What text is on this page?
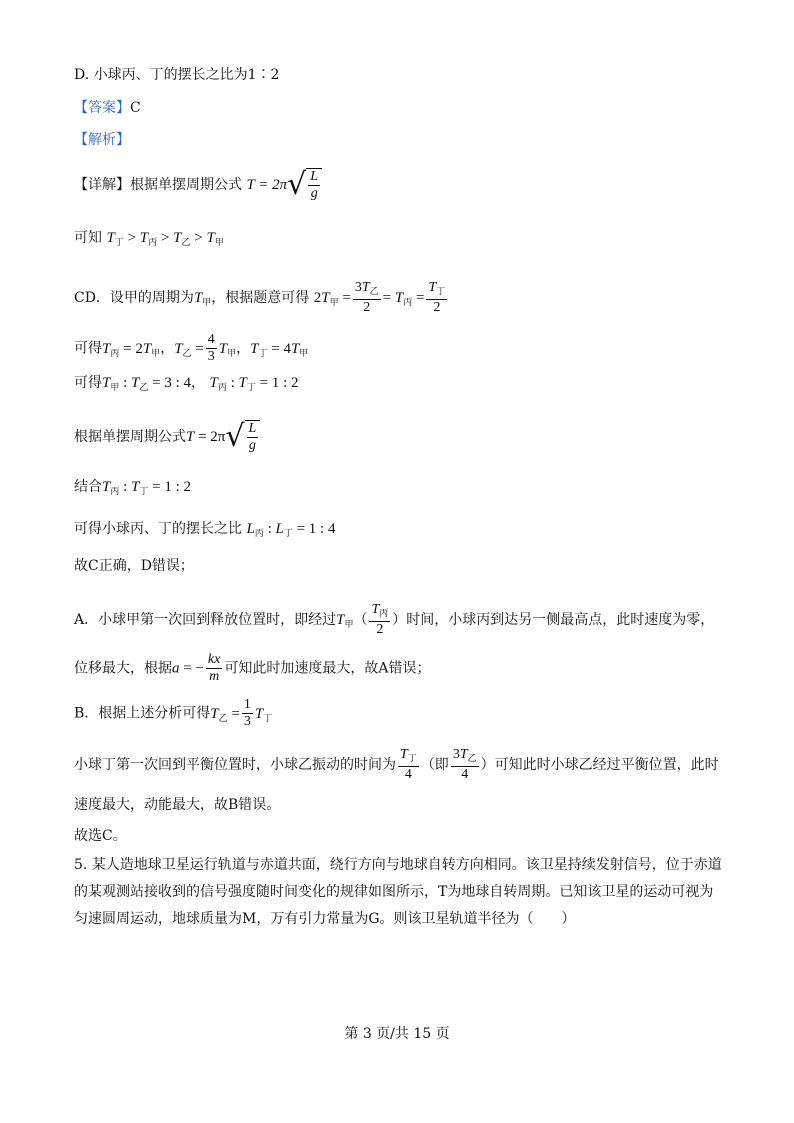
D. 小球丙、丁的摆长之比为1∶2
【答案】C
【解析】
【详解】根据单摆周期公式 T = 2π √ $\frac{L}{g}$
可知 $T_丁 > T_丙 > T_乙 > T_甲$
CD．设甲的周期为$T_甲$，根据题意可得 $2T_甲 = \frac{3T_乙}{2} = T_丙 = \frac{T_丁}{2}$
可得$T_丙 = 2T_甲$，$T_乙 = \frac{4}{3} T_甲$，$T_丁 = 4T_甲$
可得$T_甲$ : $T_乙 = 3$ : 4， $T_丙$ : $T_丁 = 1$ : 2
根据单摆周期公式T = 2π √ $\frac{L}{g}$
结合$T_丙$ : $T_丁 = 1$ : 2
可得小球丙、丁的摆长之比 $L_丙$ : $L_丁 = 1$ : 4
故C正确，D错误；
A．小球甲第一次回到释放位置时，即经过$T_甲( \frac{T_丙}{2}$ ）时间，小球丙到达另一侧最高点，此时速度为零，
位移最大，根据a = − $\frac{kx}{m}$ 可知此时加速度最大，故A错误；
B．根据上述分析可得$T_乙 = \frac{1}{3} T_丁$
小球丁第一次回到平衡位置时，小球乙振动的时间为 $\frac{T_丁}{4}$ （即 $\frac{3T_乙}{4}$ ）可知此时小球乙经过平衡位置，此时
速度最大，动能最大，故B错误。
故选C。
5. 某人造地球卫星运行轨道与赤道共面，绕行方向与地球自转方向相同。该卫星持续发射信号，位于赤道的某观测站接收到的信号强度随时间变化的规律如图所示，T为地球自转周期。已知该卫星的运动可视为匀速圆周运动，地球质量为M，万有引力常量为G。则该卫星轨道半径为（　　）
第 3 页/共 15 页
